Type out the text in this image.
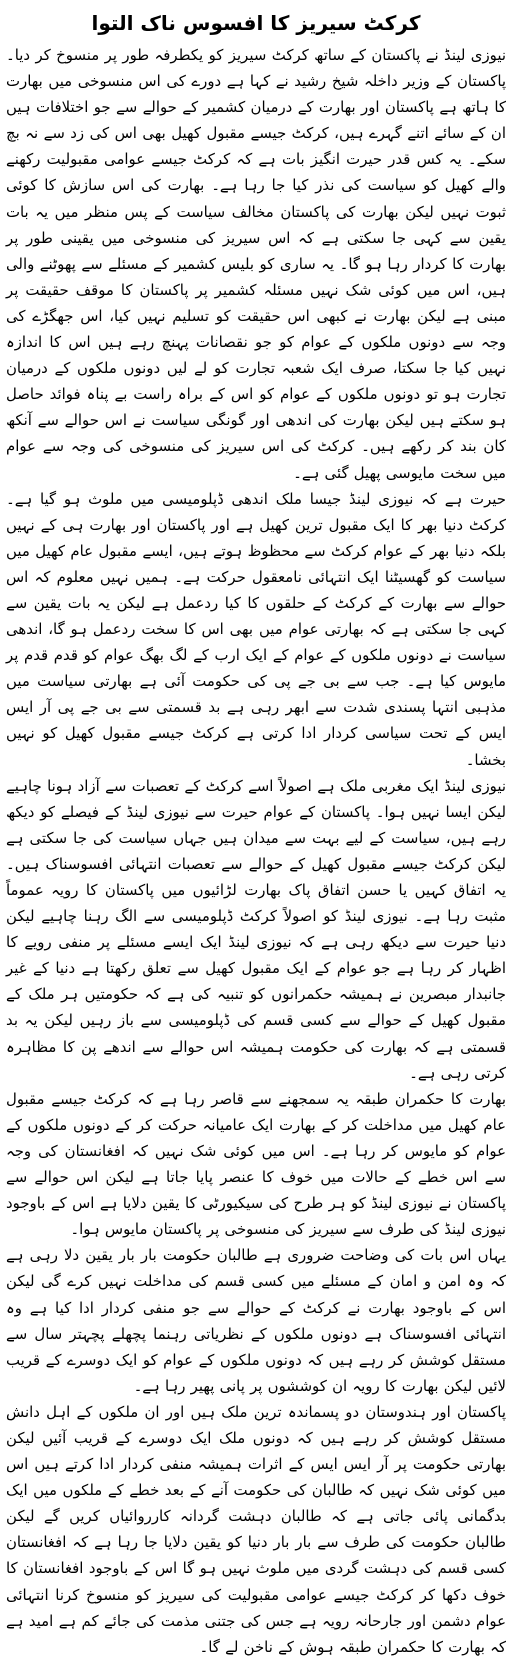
کرکٹ سیریز کا افسوس ناک التوا

نیوزی لینڈ نے پاکستان کے ساتھ کرکٹ سیریز کو یکطرفہ طور پر منسوخ کر دیا۔ پاکستان کے وزیر داخلہ شیخ رشید نے کہا ہے دورے کی اس منسوخی میں بھارت کا ہاتھ ہے پاکستان اور بھارت کے درمیان کشمیر کے حوالے سے جو اختلافات ہیں ان کے سائے اتنے گہرے ہیں، کرکٹ جیسے مقبول کھیل بھی اس کی زد سے نہ بچ سکے۔ یہ کس قدر حیرت انگیز بات ہے کہ کرکٹ جیسے عوامی مقبولیت رکھنے والے کھیل کو سیاست کی نذر کیا جا رہا ہے۔ بھارت کی اس سازش کا کوئی ثبوت نہیں لیکن بھارت کی پاکستان مخالف سیاست کے پس منظر میں یہ بات یقین سے کہی جا سکتی ہے کہ اس سیریز کی منسوخی میں یقینی طور پر بھارت کا کردار رہا ہو گا۔ یہ ساری کو بلیس کشمیر کے مسئلے سے پھوٹنے والی ہیں، اس میں کوئی شک نہیں مسئلہ کشمیر پر پاکستان کا موقف حقیقت پر مبنی ہے لیکن بھارت نے کبھی اس حقیقت کو تسلیم نہیں کیا، اس جھگڑے کی وجہ سے دونوں ملکوں کے عوام کو جو نقصانات پہنچ رہے ہیں اس کا اندازہ نہیں کیا جا سکتا، صرف ایک شعبہ تجارت کو لے لیں دونوں ملکوں کے درمیان تجارت ہو تو دونوں ملکوں کے عوام کو اس کے براہ راست بے پناہ فوائد حاصل ہو سکتے ہیں لیکن بھارت کی اندھی اور گونگی سیاست نے اس حوالے سے آنکھ کان بند کر رکھے ہیں۔ کرکٹ کی اس سیریز کی منسوخی کی وجہ سے عوام میں سخت مایوسی پھیل گئی ہے۔

حیرت ہے کہ نیوزی لینڈ جیسا ملک اندھی ڈپلومیسی میں ملوث ہو گیا ہے۔ کرکٹ دنیا بھر کا ایک مقبول ترین کھیل ہے اور پاکستان اور بھارت ہی کے نہیں بلکہ دنیا بھر کے عوام کرکٹ سے محظوظ ہوتے ہیں، ایسے مقبول عام کھیل میں سیاست کو گھسیٹنا ایک انتہائی نامعقول حرکت ہے۔ ہمیں نہیں معلوم کہ اس حوالے سے بھارت کے کرکٹ کے حلقوں کا کیا ردعمل ہے لیکن یہ بات یقین سے کہی جا سکتی ہے کہ بھارتی عوام میں بھی اس کا سخت ردعمل ہو گا، اندھی سیاست نے دونوں ملکوں کے عوام کے ایک ارب کے لگ بھگ عوام کو قدم قدم پر مایوس کیا ہے۔ جب سے بی جے پی کی حکومت آئی ہے بھارتی سیاست میں مذہبی انتہا پسندی شدت سے ابھر رہی ہے بد قسمتی سے بی جے پی آر ایس ایس کے تحت سیاسی کردار ادا کرتی ہے کرکٹ جیسے مقبول کھیل کو نہیں بخشا۔

نیوزی لینڈ ایک مغربی ملک ہے اصولاً اسے کرکٹ کے تعصبات سے آزاد ہونا چاہیے لیکن ایسا نہیں ہوا۔ پاکستان کے عوام حیرت سے نیوزی لینڈ کے فیصلے کو دیکھ رہے ہیں، سیاست کے لیے بہت سے میدان ہیں جہاں سیاست کی جا سکتی ہے لیکن کرکٹ جیسے مقبول کھیل کے حوالے سے تعصبات انتہائی افسوسناک ہیں۔ یہ اتفاق کہیں یا حسن اتفاق پاک بھارت لڑائیوں میں پاکستان کا رویہ عموماً مثبت رہا ہے۔ نیوزی لینڈ کو اصولاً کرکٹ ڈپلومیسی سے الگ رہنا چاہیے لیکن دنیا حیرت سے دیکھ رہی ہے کہ نیوزی لینڈ ایک ایسے مسئلے پر منفی رویے کا اظہار کر رہا ہے جو عوام کے ایک مقبول کھیل سے تعلق رکھتا ہے دنیا کے غیر جانبدار مبصرین نے ہمیشہ حکمرانوں کو تنبیہ کی ہے کہ حکومتیں ہر ملک کے مقبول کھیل کے حوالے سے کسی قسم کی ڈپلومیسی سے باز رہیں لیکن یہ بد قسمتی ہے کہ بھارت کی حکومت ہمیشہ اس حوالے سے اندھے پن کا مظاہرہ کرتی رہی ہے۔

بھارت کا حکمران طبقہ یہ سمجھنے سے قاصر رہا ہے کہ کرکٹ جیسے مقبول عام کھیل میں مداخلت کر کے بھارت ایک عامیانہ حرکت کر کے دونوں ملکوں کے عوام کو مایوس کر رہا ہے۔ اس میں کوئی شک نہیں کہ افغانستان کی وجہ سے اس خطے کے حالات میں خوف کا عنصر پایا جاتا ہے لیکن اس حوالے سے پاکستان نے نیوزی لینڈ کو ہر طرح کی سیکیورٹی کا یقین دلایا ہے اس کے باوجود نیوزی لینڈ کی طرف سے سیریز کی منسوخی پر پاکستان مایوس ہوا۔

یہاں اس بات کی وضاحت ضروری ہے طالبان حکومت بار بار یقین دلا رہی ہے کہ وہ امن و امان کے مسئلے میں کسی قسم کی مداخلت نہیں کرے گی لیکن اس کے باوجود بھارت نے کرکٹ کے حوالے سے جو منفی کردار ادا کیا ہے وہ انتہائی افسوسناک ہے دونوں ملکوں کے نظریاتی رہنما پچھلے پچہتر سال سے مستقل کوشش کر رہے ہیں کہ دونوں ملکوں کے عوام کو ایک دوسرے کے قریب لائیں لیکن بھارت کا رویہ ان کوششوں پر پانی پھیر رہا ہے۔

پاکستان اور ہندوستان دو پسماندہ ترین ملک ہیں اور ان ملکوں کے اہل دانش مستقل کوشش کر رہے ہیں کہ دونوں ملک ایک دوسرے کے قریب آئیں لیکن بھارتی حکومت پر آر ایس ایس کے اثرات ہمیشہ منفی کردار ادا کرتے ہیں اس میں کوئی شک نہیں کہ طالبان کی حکومت آنے کے بعد خطے کے ملکوں میں ایک بدگمانی پائی جاتی ہے کہ طالبان دہشت گردانہ کارروائیاں کریں گے لیکن طالبان حکومت کی طرف سے بار بار دنیا کو یقین دلایا جا رہا ہے کہ افغانستان کسی قسم کی دہشت گردی میں ملوث نہیں ہو گا اس کے باوجود افغانستان کا خوف دکھا کر کرکٹ جیسے عوامی مقبولیت کی سیریز کو منسوخ کرنا انتہائی عوام دشمن اور جارحانہ رویہ ہے جس کی جتنی مذمت کی جائے کم ہے امید ہے کہ بھارت کا حکمران طبقہ ہوش کے ناخن لے گا۔
